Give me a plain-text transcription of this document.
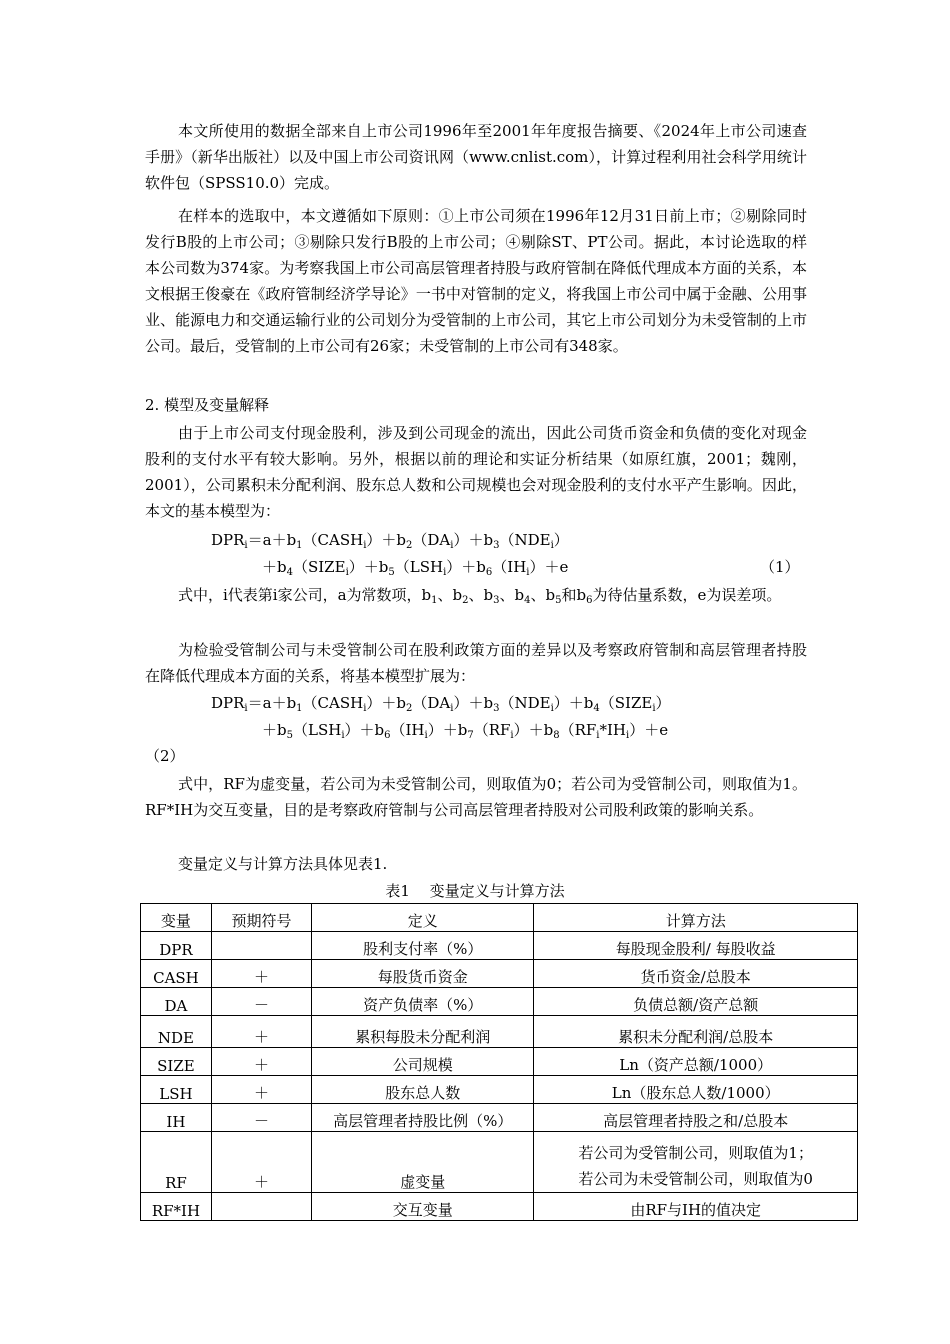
本文所使用的数据全部来自上市公司1996年至2001年年度报告摘要、《2024年上市公司速查手册》（新华出版社）以及中国上市公司资讯网（www.cnlist.com），计算过程利用社会科学用统计软件包（SPSS10.0）完成。

在样本的选取中，本文遵循如下原则：①上市公司须在1996年12月31日前上市；②剔除同时发行B股的上市公司；③剔除只发行B股的上市公司；④剔除ST、PT公司。据此，本讨论选取的样本公司数为374家。为考察我国上市公司高层管理者持股与政府管制在降低代理成本方面的关系，本文根据王俊豪在《政府管制经济学导论》一书中对管制的定义，将我国上市公司中属于金融、公用事业、能源电力和交通运输行业的公司划分为受管制的上市公司，其它上市公司划分为未受管制的上市公司。最后，受管制的上市公司有26家；未受管制的上市公司有348家。

2. 模型及变量解释

由于上市公司支付现金股利，涉及到公司现金的流出，因此公司货币资金和负债的变化对现金股利的支付水平有较大影响。另外，根据以前的理论和实证分析结果（如原红旗，2001；魏刚，2001），公司累积未分配利润、股东总人数和公司规模也会对现金股利的支付水平产生影响。因此，本文的基本模型为：

$DPR_i=a+b_1(CASH_i)+b_2(DA_i)+b_3(NDE_i)$
$+b_4(SIZE_i)+b_5(LSH_i)+b_6(IH_i)+e$	（1）

式中，i代表第i家公司，a为常数项，$b_1$、$b_2$、$b_3$、$b_4$、$b_5$和$b_6$为待估量系数，e为误差项。

为检验受管制公司与未受管制公司在股利政策方面的差异以及考察政府管制和高层管理者持股在降低代理成本方面的关系，将基本模型扩展为：

$DPR_i=a+b_1(CASH_i)+b_2(DA_i)+b_3(NDE_i)+b_4(SIZE_i)$
$+b_5(LSH_i)+b_6(IH_i)+b_7(RF_i)+b_8(RF_i*IH_i)+e$
（2）

式中，RF为虚变量，若公司为未受管制公司，则取值为0；若公司为受管制公司，则取值为1。RF*IH为交互变量，目的是考察政府管制与公司高层管理者持股对公司股利政策的影响关系。

变量定义与计算方法具体见表1.

表1　 变量定义与计算方法
变量	预期符号	定义	计算方法
DPR		股利支付率（%）	每股现金股利/ 每股收益
CASH	＋	每股货币资金	货币资金/总股本
DA	－	资产负债率（%）	负债总额/资产总额
NDE	＋	累积每股未分配利润	累积未分配利润/总股本
SIZE	＋	公司规模	Ln（资产总额/1000）
LSH	＋	股东总人数	Ln（股东总人数/1000）
IH	－	高层管理者持股比例（%）	高层管理者持股之和/总股本
RF	＋	虚变量	若公司为受管制公司，则取值为1；
若公司为未受管制公司，则取值为0

RF*IH		交互变量	由RF与IH的值决定
